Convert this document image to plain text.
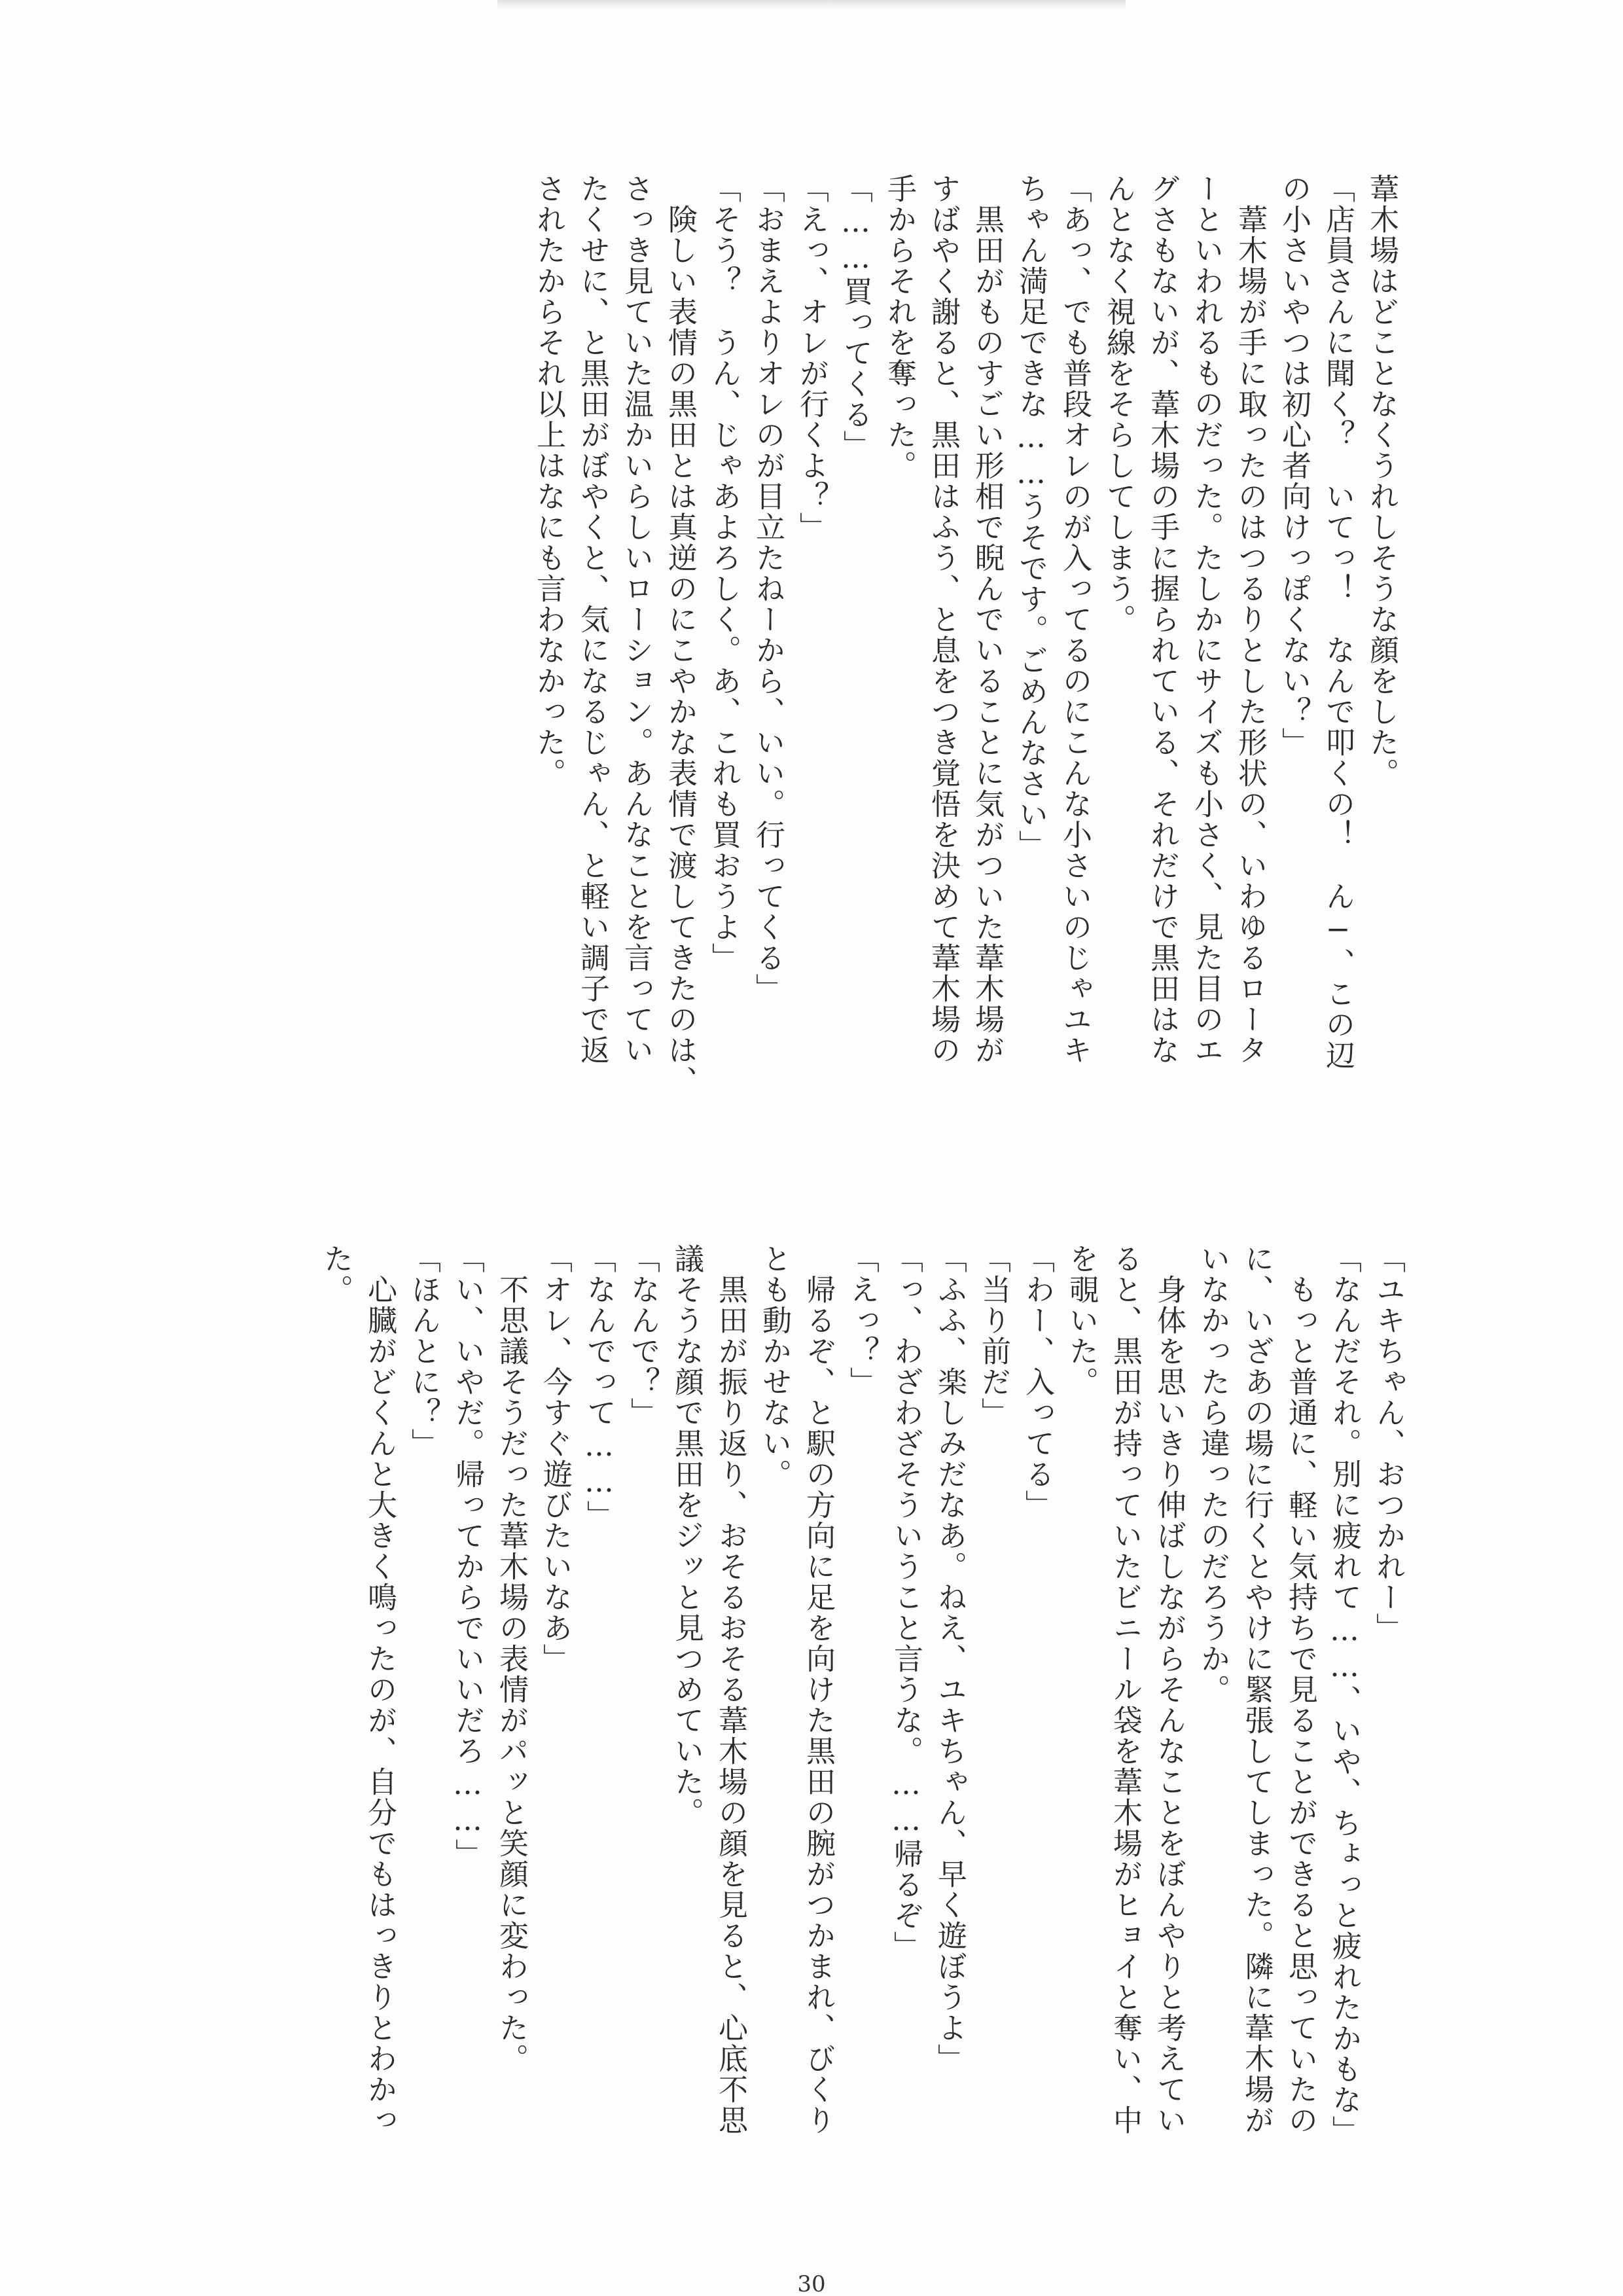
葦木場はどことなくうれしそうな顔をした。

「店員さんに聞く？　いてっ！　なんで叩くの！　ん−、この辺

の小さいやつは初心者向けっぽくない？」

　葦木場が手に取ったのはつるりとした形状の、いわゆるロータ

ーといわれるものだった。たしかにサイズも小さく、見た目のエ

グさもないが、葦木場の手に握られている、それだけで黒田はな

んとなく視線をそらしてしまう。

「あっ、でも普段オレのが入ってるのにこんな小さいのじゃユキ

ちゃん満足できな……うそです。ごめんなさい」

　黒田がものすごい形相で睨んでいることに気がついた葦木場が

すばやく謝ると、黒田はふう、と息をつき覚悟を決めて葦木場の

手からそれを奪った。

「……買ってくる」

「えっ、オレが行くよ？」

「おまえよりオレのが目立たねーから、いい。行ってくる」

「そう？　うん、じゃあよろしく。あ、これも買おうよ」

　険しい表情の黒田とは真逆のにこやかな表情で渡してきたのは、

さっき見ていた温かいらしいローション。あんなことを言ってい

たくせに、と黒田がぼやくと、気になるじゃん、と軽い調子で返

されたからそれ以上はなにも言わなかった。

「ユキちゃん、おつかれー」

「なんだそれ。別に疲れて……、いや、ちょっと疲れたかもな」

　もっと普通に、軽い気持ちで見ることができると思っていたの

に、いざあの場に行くとやけに緊張してしまった。隣に葦木場が

いなかったら違ったのだろうか。

　身体を思いきり伸ばしながらそんなことをぼんやりと考えてい

ると、黒田が持っていたビニール袋を葦木場がヒョイと奪い、中

を覗いた。

「わー、入ってる」

「当り前だ」

「ふふ、楽しみだなあ。ねえ、ユキちゃん、早く遊ぼうよ」

「っ、わざわざそういうこと言うな。……帰るぞ」

「えっ？」

　帰るぞ、と駅の方向に足を向けた黒田の腕がつかまれ、びくり

とも動かせない。

　黒田が振り返り、おそるおそる葦木場の顔を見ると、心底不思

議そうな顔で黒田をジッと見つめていた。

「なんで？」

「なんでって……」

「オレ、今すぐ遊びたいなあ」

　不思議そうだった葦木場の表情がパッと笑顔に変わった。

「い、いやだ。帰ってからでいいだろ……」

「ほんとに？」

　心臓がどくんと大きく鳴ったのが、自分でもはっきりとわかっ

た。

30
